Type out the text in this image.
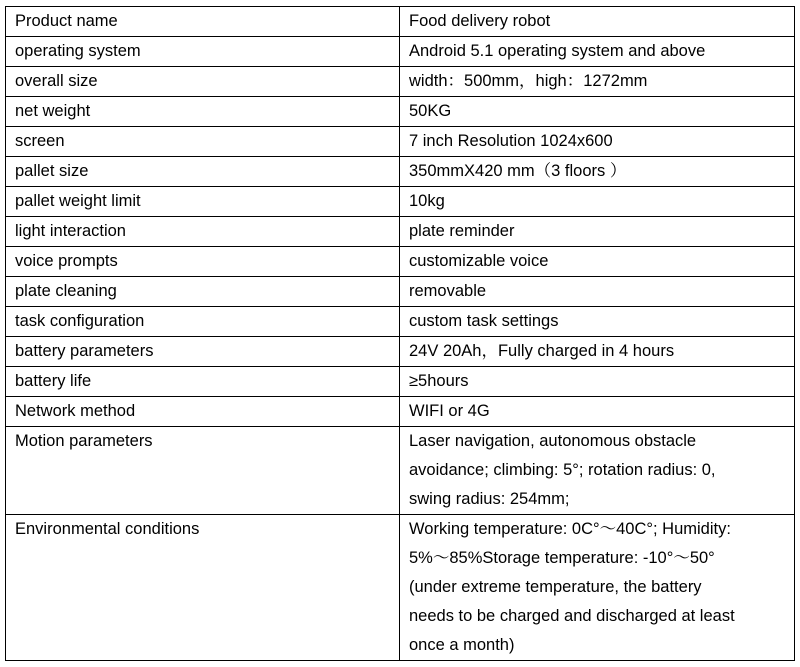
Product name	Food delivery robot

operating system	Android 5.1 operating system and above

overall size	width：500mm，high：1272mm

net weight	50KG

screen	7 inch Resolution 1024x600

pallet size	350mmX420 mm（3 floors ）

pallet weight limit	10kg

light interaction	plate reminder

voice prompts	customizable voice

plate cleaning	removable

task configuration	custom task settings

battery parameters	24V 20Ah，Fully charged in 4 hours

battery life	≥5hours

Network method	WIFI or 4G

Motion parameters	Laser navigation, autonomous obstacle
avoidance; climbing: 5°; rotation radius: 0,
swing radius: 254mm;

Environmental conditions	Working temperature: 0C°～40C°; Humidity:
5%～85%Storage temperature: -10°～50°
(under extreme temperature, the battery
needs to be charged and discharged at least
once a month)
